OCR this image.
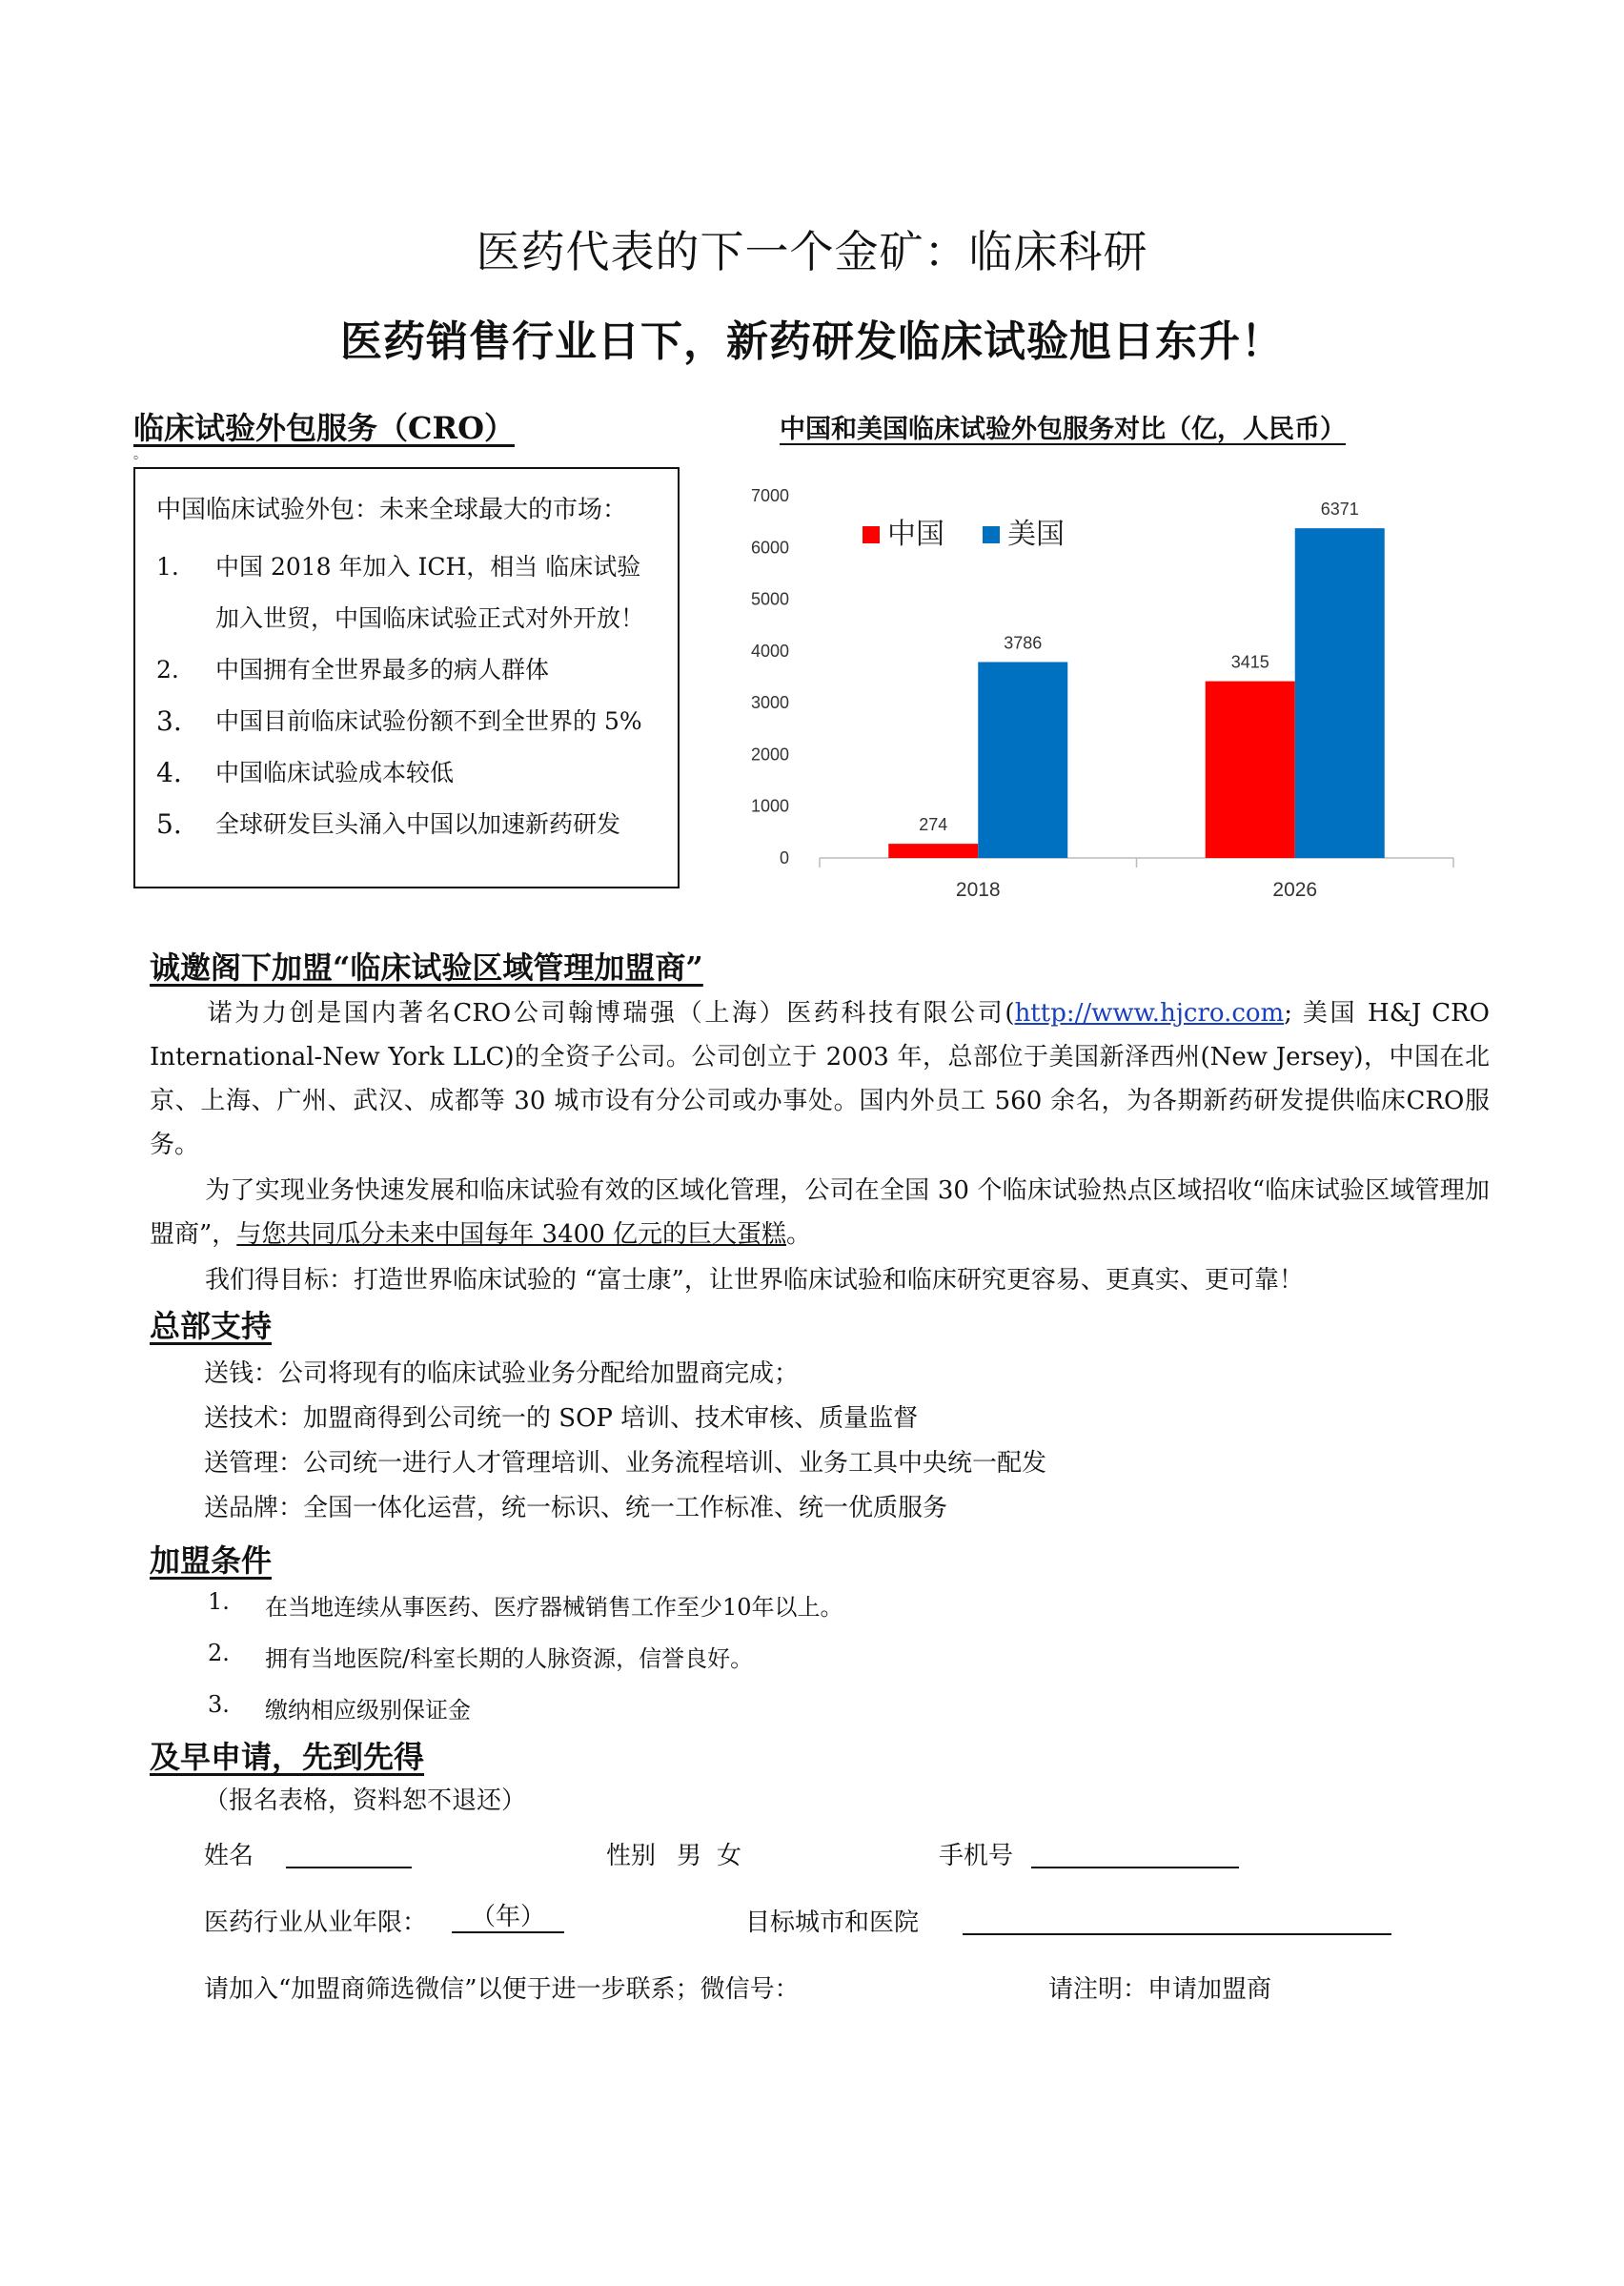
医药代表的下一个金矿：临床科研
医药销售行业日下，新药研发临床试验旭日东升！
临床试验外包服务（CRO）
。
中国临床试验外包：未来全球最大的市场：
1. 中国 2018 年加入 ICH，相当 临床试验加入世贸，中国临床试验正式对外开放！
2. 中国拥有全世界最多的病人群体
3. 中国目前临床试验份额不到全世界的 5%
4. 中国临床试验成本较低
5. 全球研发巨头涌入中国以加速新药研发
中国和美国临床试验外包服务对比（亿，人民币）
0
1000
2000
3000
4000
5000
6000
7000
2018
274
3786
2026
3415
6371
中国 美国
诚邀阁下加盟“临床试验区域管理加盟商”
诺为力创是国内著名CRO公司翰博瑞强（上海）医药科技有限公司(http://www.hjcro.com; 美国 H&J CRO International-New York LLC)的全资子公司。公司创立于 2003 年，总部位于美国新泽西州(New Jersey)，中国在北京、上海、广州、武汉、成都等 30 城市设有分公司或办事处。国内外员工 560 余名，为各期新药研发提供临床CRO服务。
为了实现业务快速发展和临床试验有效的区域化管理，公司在全国 30 个临床试验热点区域招收“临床试验区域管理加盟商”，与您共同瓜分未来中国每年 3400 亿元的巨大蛋糕。
我们得目标：打造世界临床试验的 “富士康”，让世界临床试验和临床研究更容易、更真实、更可靠！
总部支持
送钱：公司将现有的临床试验业务分配给加盟商完成；
送技术：加盟商得到公司统一的 SOP 培训、技术审核、质量监督
送管理：公司统一进行人才管理培训、业务流程培训、业务工具中央统一配发
送品牌：全国一体化运营，统一标识、统一工作标准、统一优质服务
加盟条件
1. 在当地连续从事医药、医疗器械销售工作至少10年以上。
2. 拥有当地医院/科室长期的人脉资源，信誉良好。
3. 缴纳相应级别保证金
及早申请，先到先得
（报名表格，资料恕不退还）
姓名	性别 男 女	手机号
医药行业从业年限：	（年）	目标城市和医院
请加入“加盟商筛选微信”以便于进一步联系；微信号：	请注明：申请加盟商
